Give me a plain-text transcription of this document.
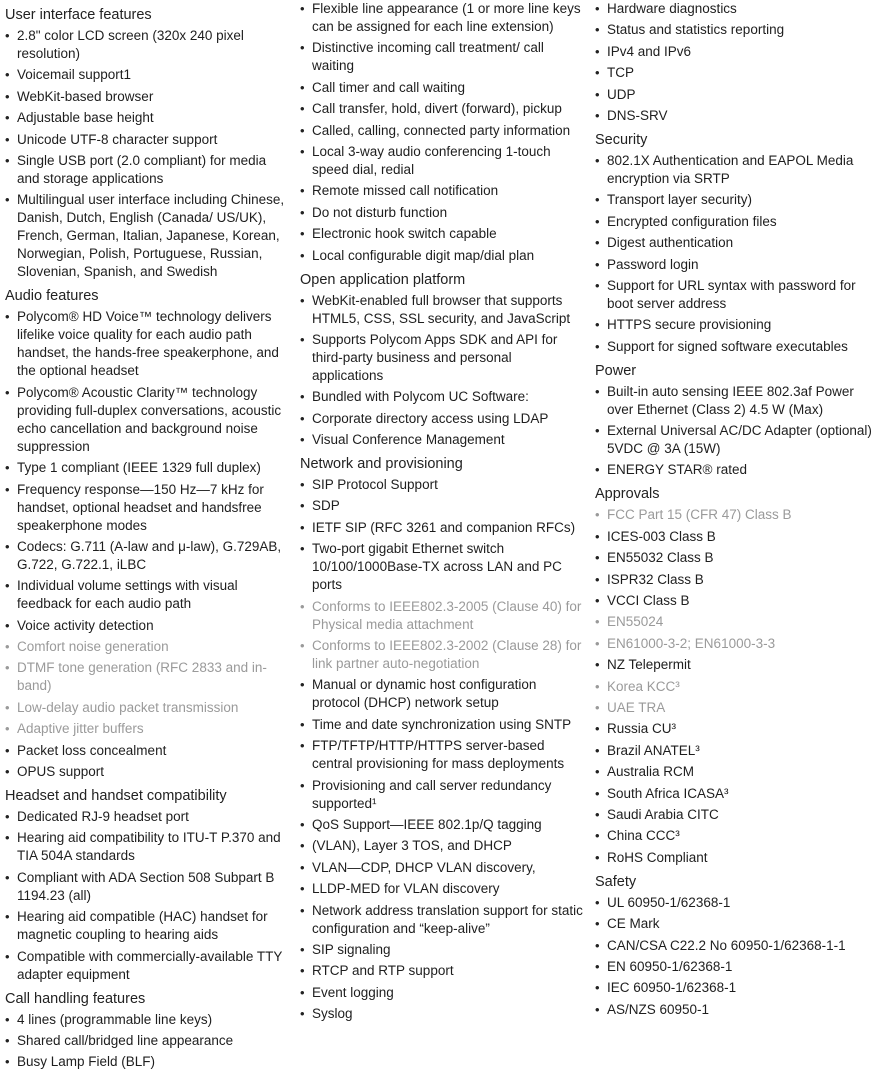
User interface features
• 2.8" color LCD screen (320x 240 pixel resolution)
• Voicemail support1
• WebKit-based browser
• Adjustable base height
• Unicode UTF-8 character support
• Single USB port (2.0 compliant) for media and storage applications
• Multilingual user interface including Chinese, Danish, Dutch, English (Canada/ US/UK), French, German, Italian, Japanese, Korean, Norwegian, Polish, Portuguese, Russian, Slovenian, Spanish, and Swedish
Audio features
• Polycom® HD Voice™ technology delivers lifelike voice quality for each audio path handset, the hands-free speakerphone, and the optional headset
• Polycom® Acoustic Clarity™ technology providing full-duplex conversations, acoustic echo cancellation and background noise suppression
• Type 1 compliant (IEEE 1329 full duplex)
• Frequency response—150 Hz—7 kHz for handset, optional headset and handsfree speakerphone modes
• Codecs: G.711 (A-law and μ-law), G.729AB, G.722, G.722.1, iLBC
• Individual volume settings with visual feedback for each audio path
• Voice activity detection
• Comfort noise generation
• DTMF tone generation (RFC 2833 and in-band)
• Low-delay audio packet transmission
• Adaptive jitter buffers
• Packet loss concealment
• OPUS support
Headset and handset compatibility
• Dedicated RJ-9 headset port
• Hearing aid compatibility to ITU-T P.370 and TIA 504A standards
• Compliant with ADA Section 508 Subpart B 1194.23 (all)
• Hearing aid compatible (HAC) handset for magnetic coupling to hearing aids
• Compatible with commercially-available TTY adapter equipment
Call handling features
• 4 lines (programmable line keys)
• Shared call/bridged line appearance
• Busy Lamp Field (BLF)
• Flexible line appearance (1 or more line keys can be assigned for each line extension)
• Distinctive incoming call treatment/ call waiting
• Call timer and call waiting
• Call transfer, hold, divert (forward), pickup
• Called, calling, connected party information
• Local 3-way audio conferencing 1-touch speed dial, redial
• Remote missed call notification
• Do not disturb function
• Electronic hook switch capable
• Local configurable digit map/dial plan
Open application platform
• WebKit-enabled full browser that supports HTML5, CSS, SSL security, and JavaScript
• Supports Polycom Apps SDK and API for third-party business and personal applications
• Bundled with Polycom UC Software:
• Corporate directory access using LDAP
• Visual Conference Management
Network and provisioning
• SIP Protocol Support
• SDP
• IETF SIP (RFC 3261 and companion RFCs)
• Two-port gigabit Ethernet switch 10/100/1000Base-TX across LAN and PC ports
• Conforms to IEEE802.3-2005 (Clause 40) for Physical media attachment
• Conforms to IEEE802.3-2002 (Clause 28) for link partner auto-negotiation
• Manual or dynamic host configuration protocol (DHCP) network setup
• Time and date synchronization using SNTP
• FTP/TFTP/HTTP/HTTPS server-based central provisioning for mass deployments
• Provisioning and call server redundancy supported¹
• QoS Support—IEEE 802.1p/Q tagging
• (VLAN), Layer 3 TOS, and DHCP
• VLAN—CDP, DHCP VLAN discovery,
• LLDP-MED for VLAN discovery
• Network address translation support for static configuration and “keep-alive”
• SIP signaling
• RTCP and RTP support
• Event logging
• Syslog
• Hardware diagnostics
• Status and statistics reporting
• IPv4 and IPv6
• TCP
• UDP
• DNS-SRV
Security
• 802.1X Authentication and EAPOL Media encryption via SRTP
• Transport layer security)
• Encrypted configuration files
• Digest authentication
• Password login
• Support for URL syntax with password for boot server address
• HTTPS secure provisioning
• Support for signed software executables
Power
• Built-in auto sensing IEEE 802.3af Power over Ethernet (Class 2) 4.5 W (Max)
• External Universal AC/DC Adapter (optional) 5VDC @ 3A (15W)
• ENERGY STAR® rated
Approvals
• FCC Part 15 (CFR 47) Class B
• ICES-003 Class B
• EN55032 Class B
• ISPR32 Class B
• VCCI Class B
• EN55024
• EN61000-3-2; EN61000-3-3
• NZ Telepermit
• Korea KCC³
• UAE TRA
• Russia CU³
• Brazil ANATEL³
• Australia RCM
• South Africa ICASA³
• Saudi Arabia CITC
• China CCC³
• RoHS Compliant
Safety
• UL 60950-1/62368-1
• CE Mark
• CAN/CSA C22.2 No 60950-1/62368-1-1
• EN 60950-1/62368-1
• IEC 60950-1/62368-1
• AS/NZS 60950-1
